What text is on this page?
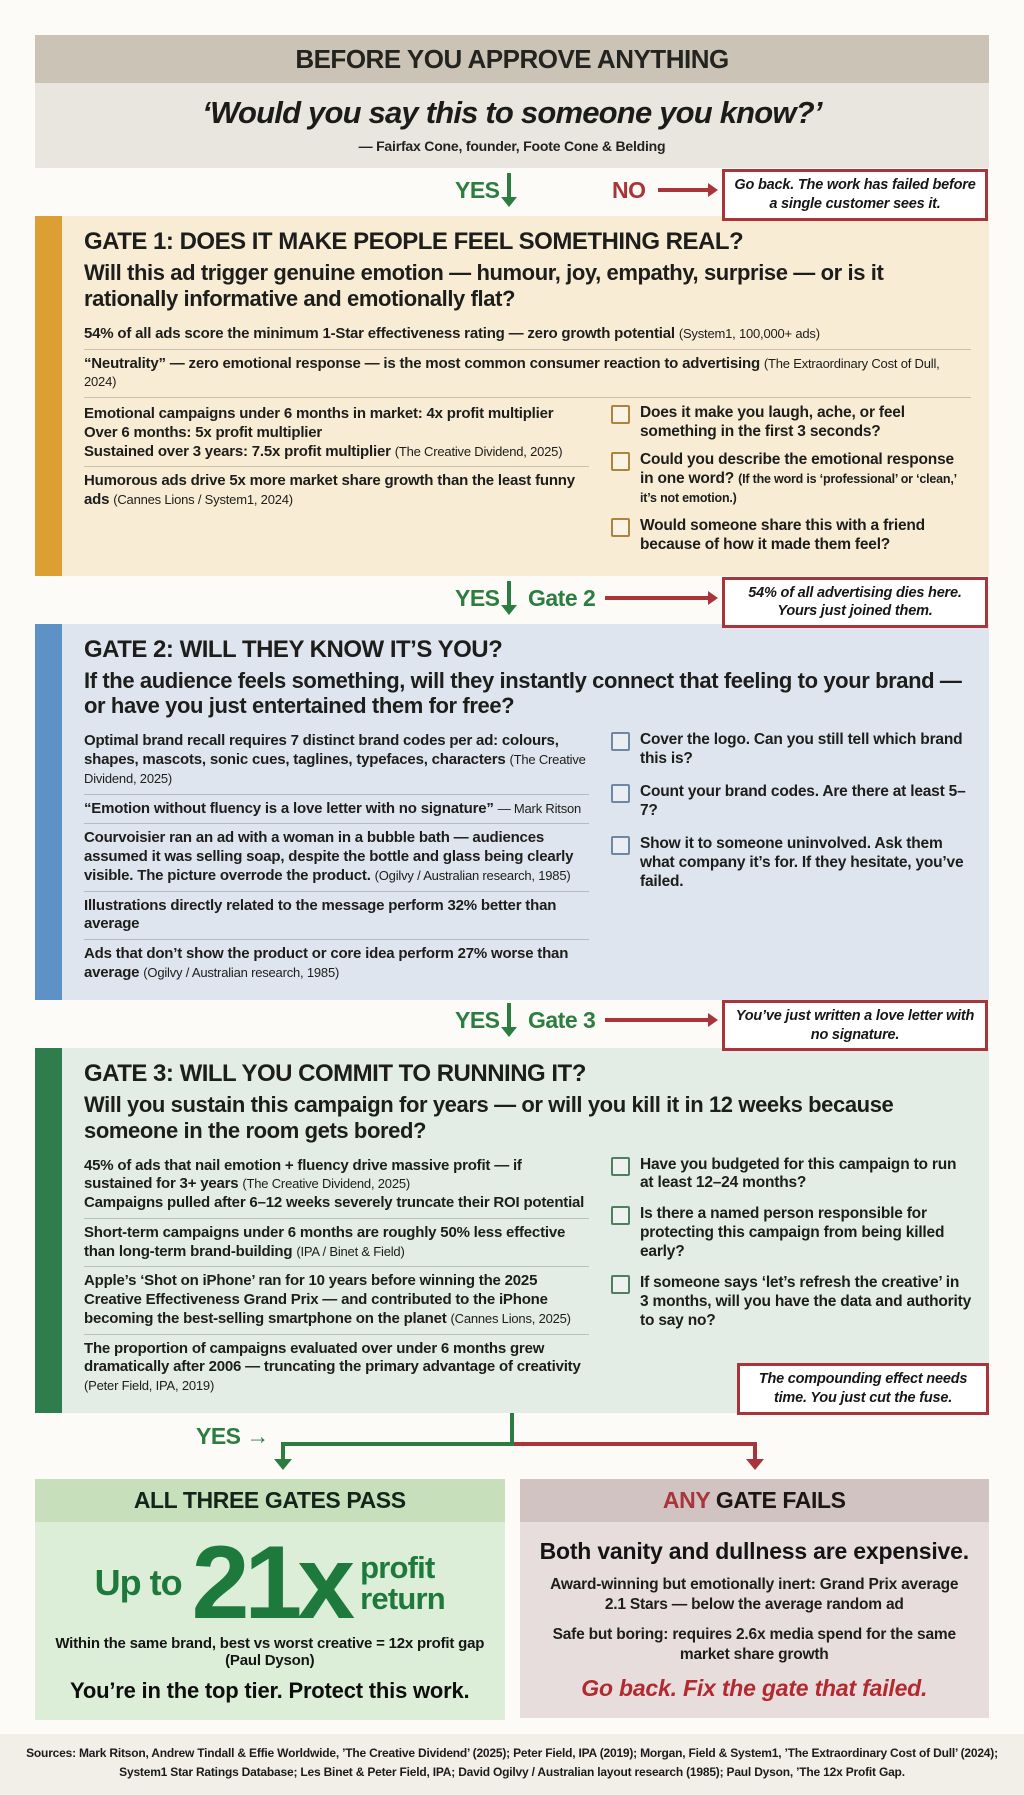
BEFORE YOU APPROVE ANYTHING
‘Would you say this to someone you know?’
— Fairfax Cone, founder, Foote Cone & Belding
YES	NO	Go back. The work has failed before a single customer sees it.
GATE 1: DOES IT MAKE PEOPLE FEEL SOMETHING REAL?
Will this ad trigger genuine emotion — humour, joy, empathy, surprise — or is it rationally informative and emotionally flat?
54% of all ads score the minimum 1-Star effectiveness rating — zero growth potential (System1, 100,000+ ads)
“Neutrality” — zero emotional response — is the most common consumer reaction to advertising (The Extraordinary Cost of Dull, 2024)
Emotional campaigns under 6 months in market: 4x profit multiplier
Over 6 months: 5x profit multiplier
Sustained over 3 years: 7.5x profit multiplier (The Creative Dividend, 2025)
Humorous ads drive 5x more market share growth than the least funny ads (Cannes Lions / System1, 2024)
Does it make you laugh, ache, or feel something in the first 3 seconds?
Could you describe the emotional response in one word? (If the word is ‘professional’ or ‘clean,’ it’s not emotion.)
Would someone share this with a friend because of how it made them feel?
YES Gate 2	54% of all advertising dies here. Yours just joined them.
GATE 2: WILL THEY KNOW IT’S YOU?
If the audience feels something, will they instantly connect that feeling to your brand — or have you just entertained them for free?
Optimal brand recall requires 7 distinct brand codes per ad: colours, shapes, mascots, sonic cues, taglines, typefaces, characters (The Creative Dividend, 2025)
“Emotion without fluency is a love letter with no signature” — Mark Ritson
Courvoisier ran an ad with a woman in a bubble bath — audiences assumed it was selling soap, despite the bottle and glass being clearly visible. The picture overrode the product. (Ogilvy / Australian research, 1985)
Illustrations directly related to the message perform 32% better than average
Ads that don’t show the product or core idea perform 27% worse than average (Ogilvy / Australian research, 1985)
Cover the logo. Can you still tell which brand this is?
Count your brand codes. Are there at least 5–7?
Show it to someone uninvolved. Ask them what company it’s for. If they hesitate, you’ve failed.
YES Gate 3	You’ve just written a love letter with no signature.
GATE 3: WILL YOU COMMIT TO RUNNING IT?
Will you sustain this campaign for years — or will you kill it in 12 weeks because someone in the room gets bored?
45% of ads that nail emotion + fluency drive massive profit — if sustained for 3+ years (The Creative Dividend, 2025)
Campaigns pulled after 6–12 weeks severely truncate their ROI potential
Short-term campaigns under 6 months are roughly 50% less effective than long-term brand-building (IPA / Binet & Field)
Apple’s ‘Shot on iPhone’ ran for 10 years before winning the 2025 Creative Effectiveness Grand Prix — and contributed to the iPhone becoming the best-selling smartphone on the planet (Cannes Lions, 2025)
The proportion of campaigns evaluated over under 6 months grew dramatically after 2006 — truncating the primary advantage of creativity (Peter Field, IPA, 2019)
Have you budgeted for this campaign to run at least 12–24 months?
Is there a named person responsible for protecting this campaign from being killed early?
If someone says ‘let’s refresh the creative’ in 3 months, will you have the data and authority to say no?
YES →
The compounding effect needs time. You just cut the fuse.
ALL THREE GATES PASS
Up to 21x profit
return
Within the same brand, best vs worst creative = 12x profit gap (Paul Dyson)
You’re in the top tier. Protect this work.
ANY GATE FAILS
Both vanity and dullness are expensive.
Award-winning but emotionally inert: Grand Prix average 2.1 Stars — below the average random ad
Safe but boring: requires 2.6x media spend for the same market share growth
Go back. Fix the gate that failed.
Sources: Mark Ritson, Andrew Tindall & Effie Worldwide, ’The Creative Dividend’ (2025); Peter Field, IPA (2019); Morgan, Field & System1, ’The Extraordinary Cost of Dull’ (2024);
System1 Star Ratings Database; Les Binet & Peter Field, IPA; David Ogilvy / Australian layout research (1985); Paul Dyson, ’The 12x Profit Gap.
